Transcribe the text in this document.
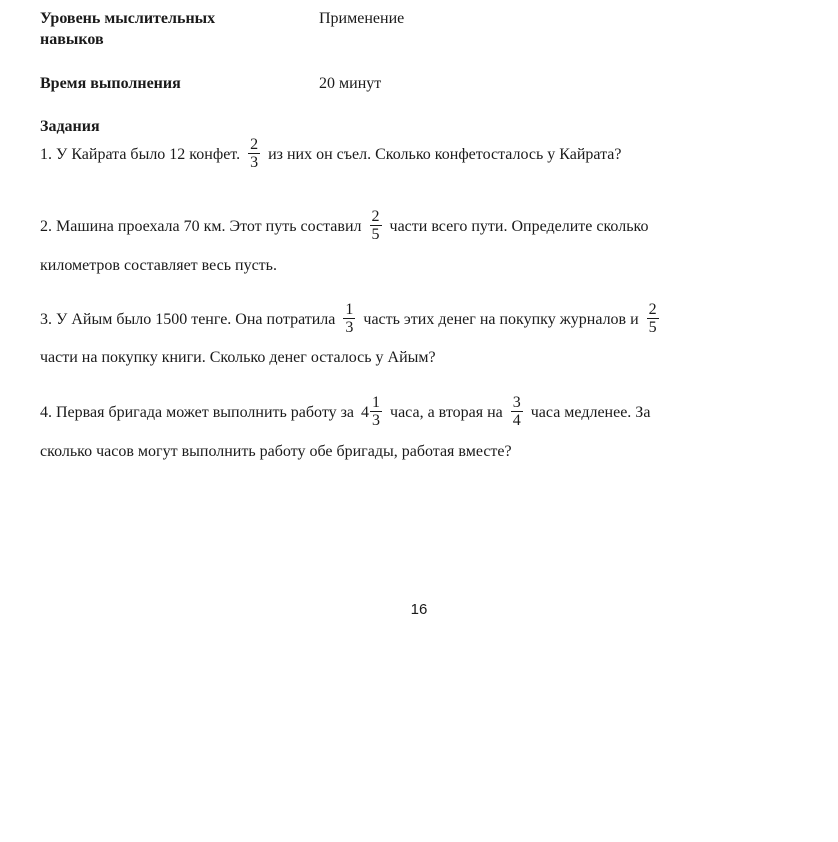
Уровень мыслительных навыков
Применение
Время выполнения	20 минут
Задания
1. У Кайрата было 12 конфет. $\frac{2}{3}$ из них он съел. Сколько конфетосталось у Кайрата?
2. Машина проехала 70 км. Этот путь составил $\frac{2}{5}$ части всего пути. Определите сколько
километров составляет весь пусть.
3. У Айым было 1500 тенге. Она потратила $\frac{1}{3}$ часть этих денег на покупку журналов и $\frac{2}{5}$
части на покупку книги. Сколько денег осталось у Айым?
4. Первая бригада может выполнить работу за $4 \frac{1}{3}$ часа, а вторая на $\frac{3}{4}$ часа медленее. За
сколько часов могут выполнить работу обе бригады, работая вместе?
16
